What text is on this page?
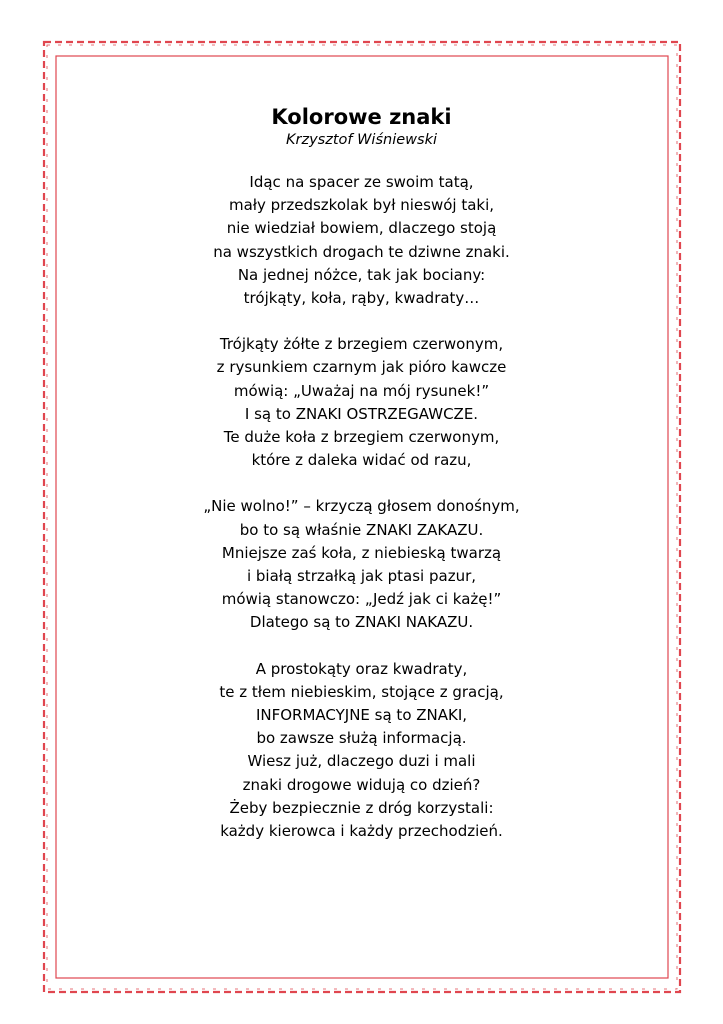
Kolorowe znaki
Krzysztof Wiśniewski
Idąc na spacer ze swoim tatą,
mały przedszkolak był nieswój taki,
nie wiedział bowiem, dlaczego stoją
na wszystkich drogach te dziwne znaki.
Na jednej nóżce, tak jak bociany:
trójkąty, koła, rąby, kwadraty…
Trójkąty żółte z brzegiem czerwonym,
z rysunkiem czarnym jak pióro kawcze
mówią: „Uważaj na mój rysunek!”
I są to ZNAKI OSTRZEGAWCZE.
Te duże koła z brzegiem czerwonym,
które z daleka widać od razu,
„Nie wolno!” – krzyczą głosem donośnym,
bo to są właśnie ZNAKI ZAKAZU.
Mniejsze zaś koła, z niebieską twarzą
i białą strzałką jak ptasi pazur,
mówią stanowczo: „Jedź jak ci każę!”
Dlatego są to ZNAKI NAKAZU.
A prostokąty oraz kwadraty,
te z tłem niebieskim, stojące z gracją,
INFORMACYJNE są to ZNAKI,
bo zawsze służą informacją.
Wiesz już, dlaczego duzi i mali
znaki drogowe widują co dzień?
Żeby bezpiecznie z dróg korzystali:
każdy kierowca i każdy przechodzień.
